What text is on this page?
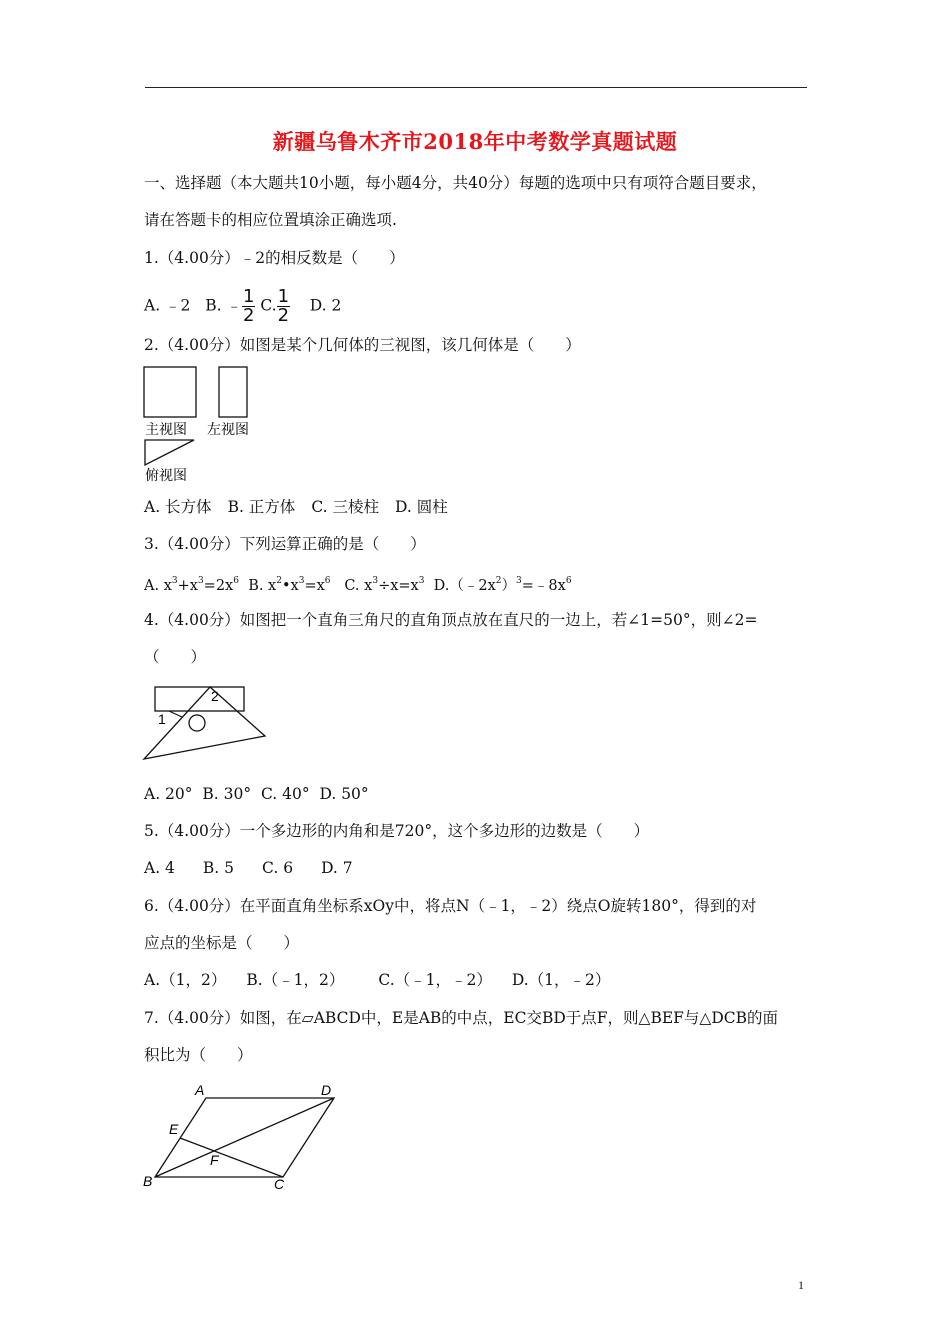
新疆乌鲁木齐市2018年中考数学真题试题
一、选择题（本大题共10小题，每小题4分，共40分）每题的选项中只有项符合题目要求，
请在答题卡的相应位置填涂正确选项.
1.（4.00分）﹣2的相反数是（　　）
A. ﹣2 B. ﹣ $\frac{1}{2} C$. $\frac{1}{2} D$. 2
2.（4.00分）如图是某个几何体的三视图，该几何体是（　　）
主视图 左视图
俯视图
A. 长方体 B. 正方体 C. 三棱柱 D. 圆柱
3.（4.00分）下列运算正确的是（　　）
A. $x^3+x^3=2x^6$ B. $x^2•x^3=x^6$ C. $x^3\div x=x^3$ $D.(﹣2x^2)^3=﹣8x^6$
4.（4.00分）如图把一个直角三角尺的直角顶点放在直尺的一边上，若∠1=50°，则∠2=
（　　）
1
2
A. 20° B. 30° C. 40° D. 50°
5.（4.00分）一个多边形的内角和是720°，这个多边形的边数是（　　）
A. 4 B. 5 C. 6 D. 7
6.（4.00分）在平面直角坐标系xOy中，将点N（﹣1，﹣2）绕点O旋转180°，得到的对
应点的坐标是（　　）
A.（1，2） B.（﹣1，2） C.（﹣1，﹣2） D.（1，﹣2）
7.（4.00分）如图，在▱ABCD中，E是AB的中点，EC交BD于点F，则△BEF与△DCB的面
积比为（　　）
A	D
E
F
B	C
1
